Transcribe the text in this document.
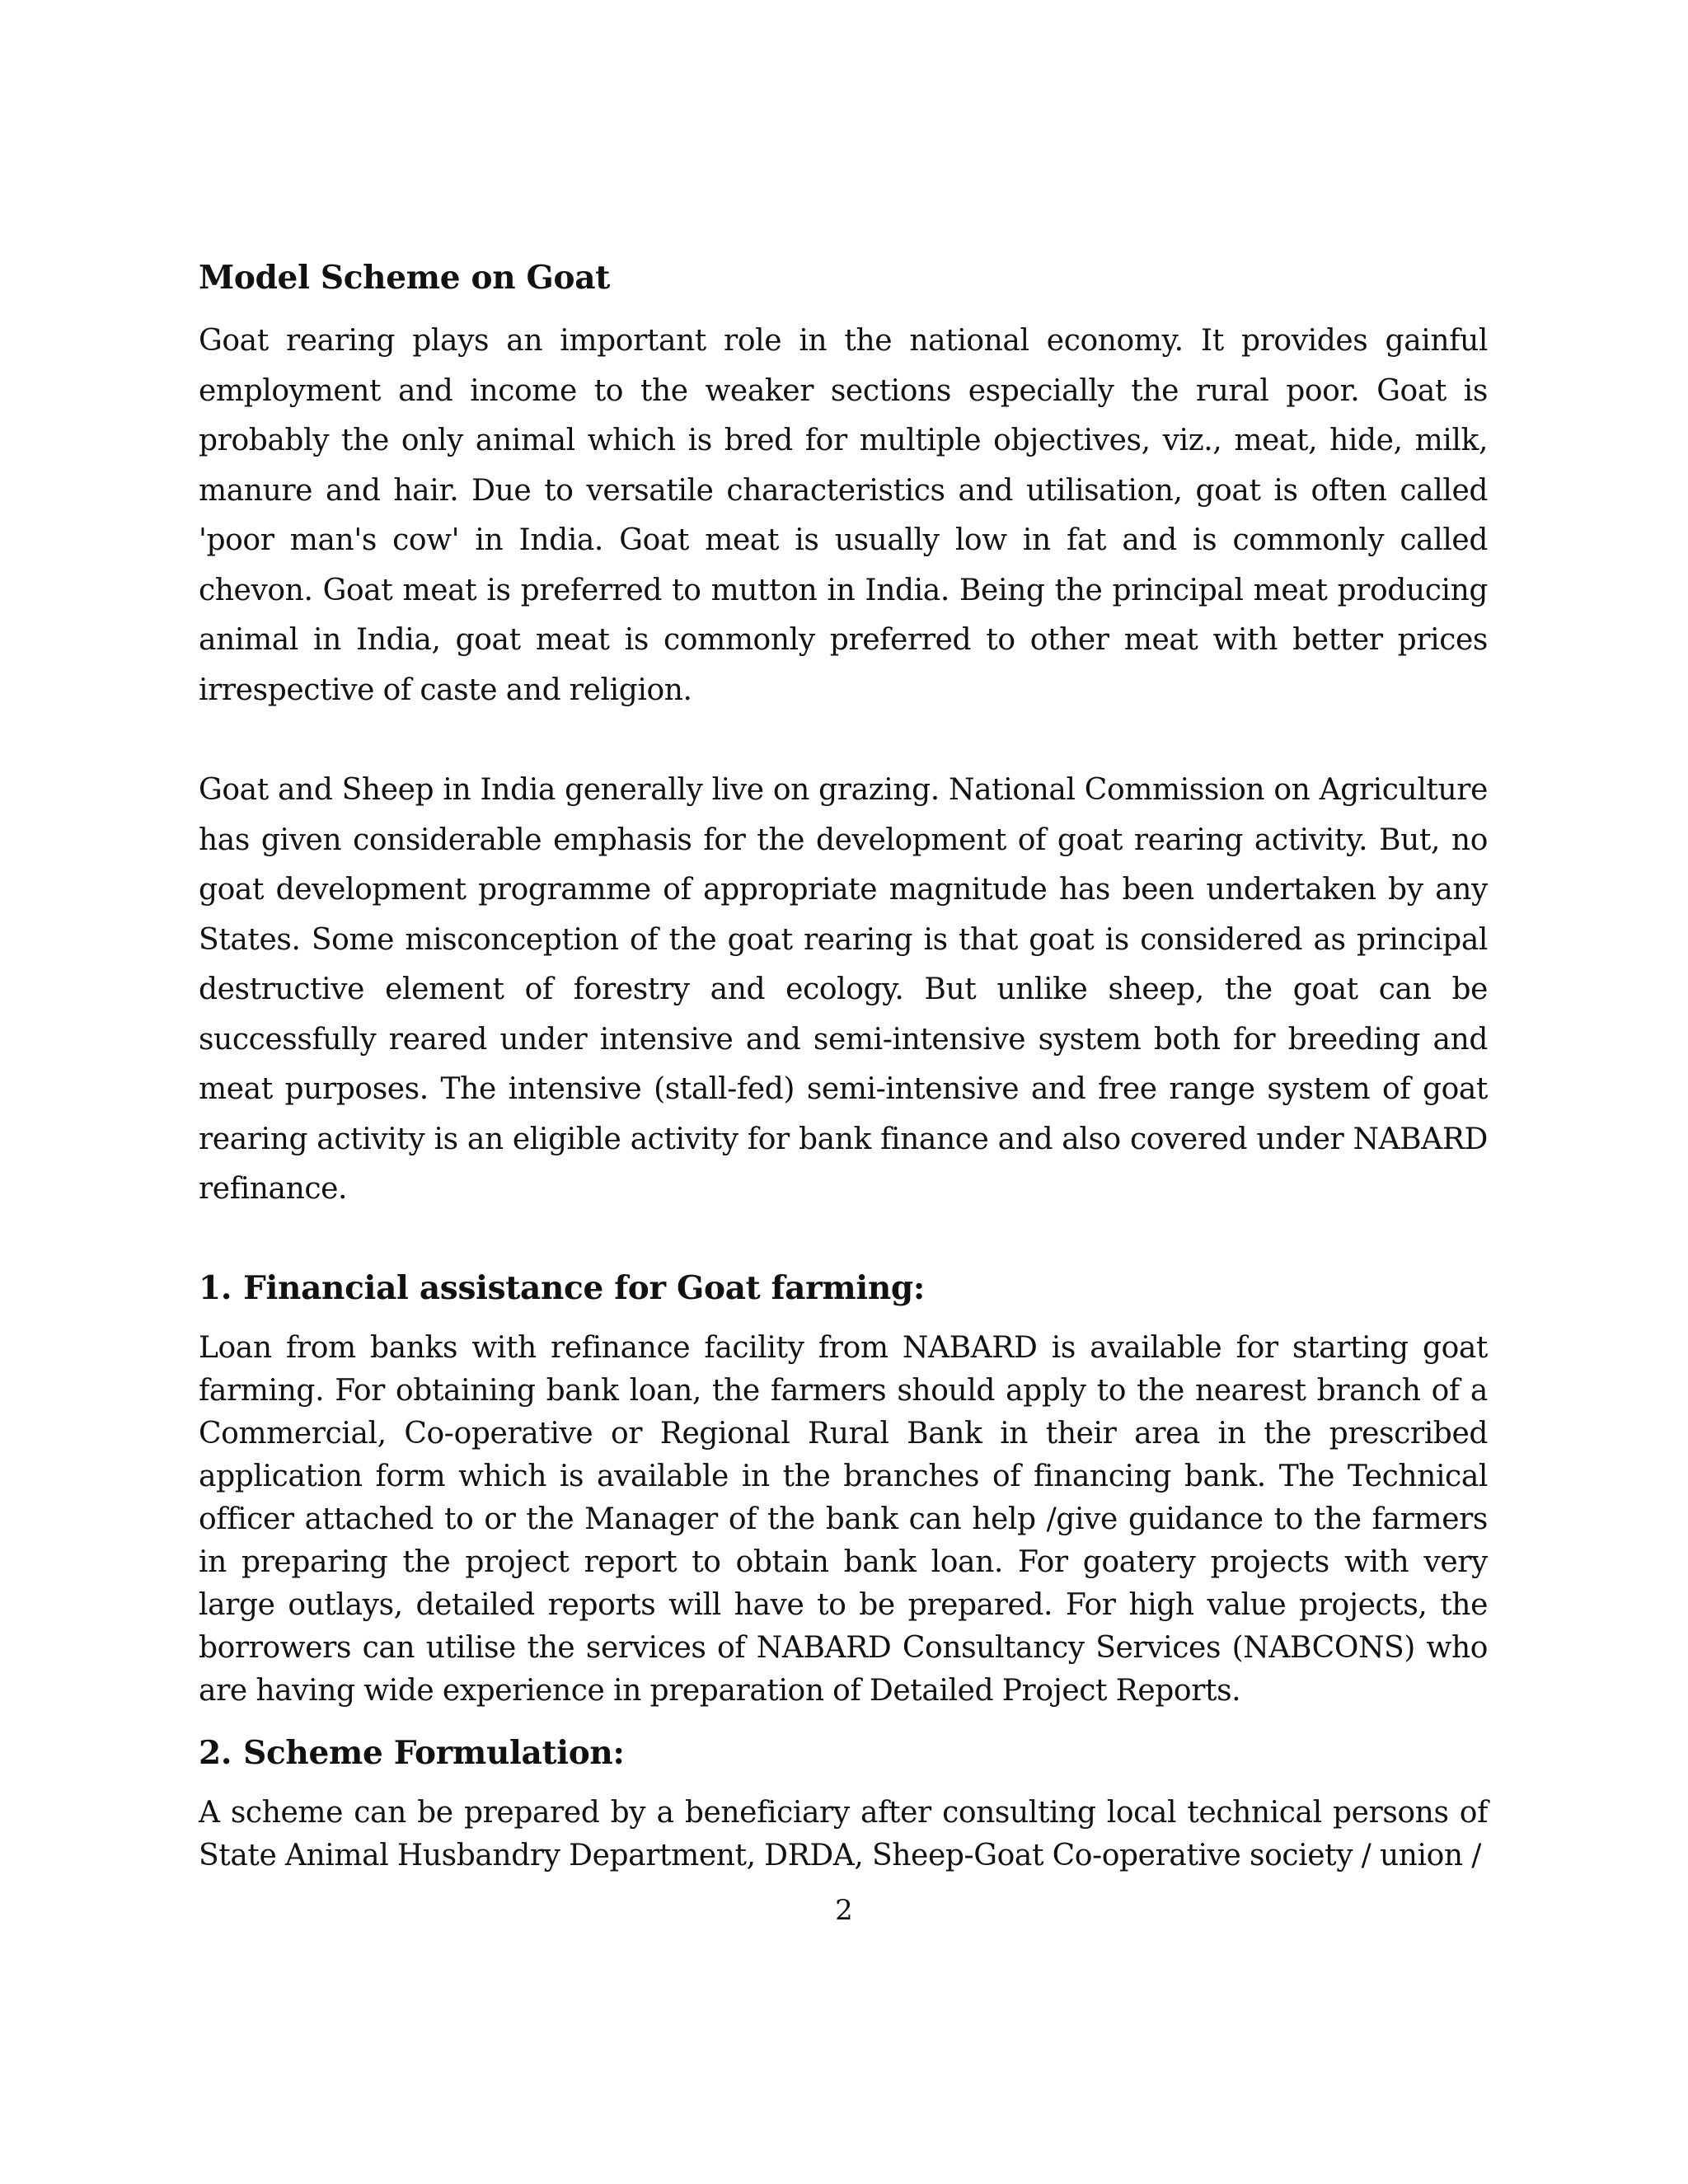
Model Scheme on Goat

Goat rearing plays an important role in the national economy. It provides gainful employment and income to the weaker sections especially the rural poor. Goat is probably the only animal which is bred for multiple objectives, viz., meat, hide, milk, manure and hair. Due to versatile characteristics and utilisation, goat is often called 'poor man's cow' in India. Goat meat is usually low in fat and is commonly called chevon. Goat meat is preferred to mutton in India. Being the principal meat producing animal in India, goat meat is commonly preferred to other meat with better prices irrespective of caste and religion.

Goat and Sheep in India generally live on grazing. National Commission on Agriculture has given considerable emphasis for the development of goat rearing activity. But, no goat development programme of appropriate magnitude has been undertaken by any States. Some misconception of the goat rearing is that goat is considered as principal destructive element of forestry and ecology. But unlike sheep, the goat can be successfully reared under intensive and semi-intensive system both for breeding and meat purposes. The intensive (stall-fed) semi-intensive and free range system of goat rearing activity is an eligible activity for bank finance and also covered under NABARD refinance.

1. Financial assistance for Goat farming:

Loan from banks with refinance facility from NABARD is available for starting goat farming. For obtaining bank loan, the farmers should apply to the nearest branch of a Commercial, Co-operative or Regional Rural Bank in their area in the prescribed application form which is available in the branches of financing bank. The Technical officer attached to or the Manager of the bank can help /give guidance to the farmers in preparing the project report to obtain bank loan. For goatery projects with very large outlays, detailed reports will have to be prepared. For high value projects, the borrowers can utilise the services of NABARD Consultancy Services (NABCONS) who are having wide experience in preparation of Detailed Project Reports.

2. Scheme Formulation:

A scheme can be prepared by a beneficiary after consulting local technical persons of State Animal Husbandry Department, DRDA, Sheep-Goat Co-operative society / union /

2
